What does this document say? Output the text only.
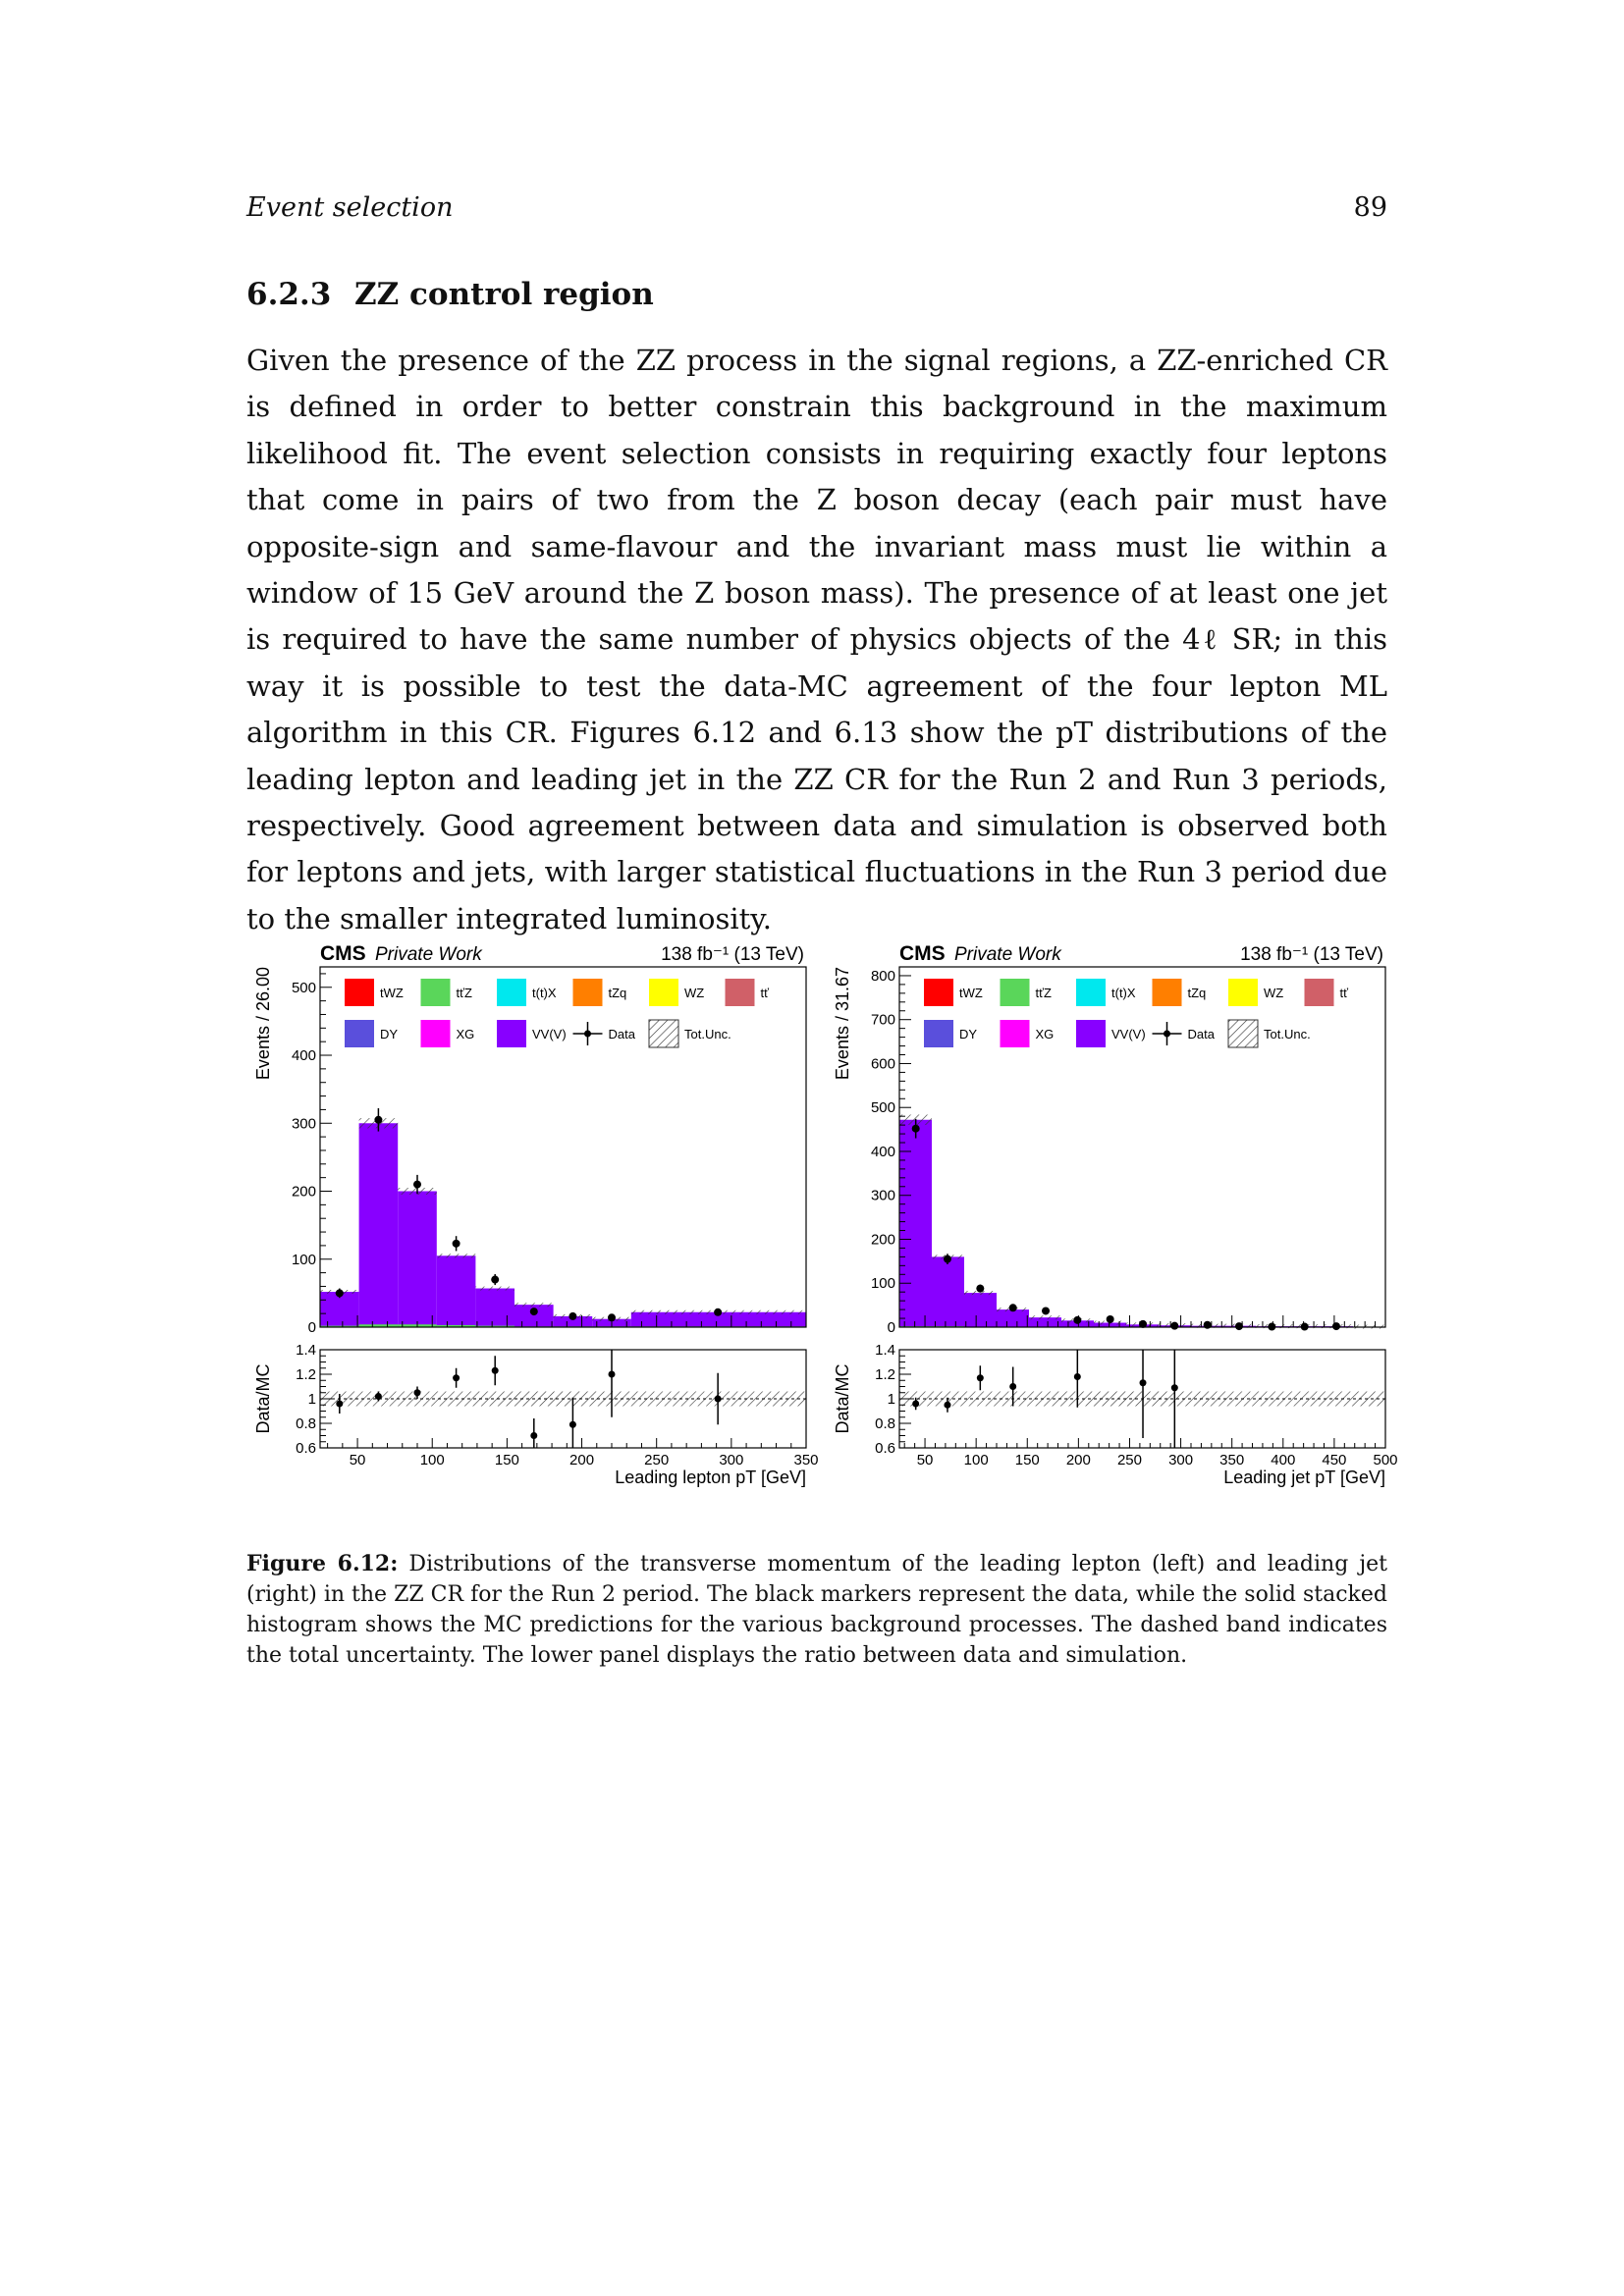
Event selection	89
6.2.3 ZZ control region
Given the presence of the ZZ process in the signal regions, a ZZ-enriched CR is defined in order to better constrain this background in the maximum likelihood fit. The event selection consists in requiring exactly four leptons that come in pairs of two from the Z boson decay (each pair must have opposite-sign and same-flavour and the invariant mass must lie within a window of 15 GeV around the Z boson mass). The presence of at least one jet is required to have the same number of physics objects of the 4ℓ SR; in this way it is possible to test the data-MC agreement of the four lepton ML algorithm in this CR. Figures 6.12 and 6.13 show the pT distributions of the leading lepton and leading jet in the ZZ CR for the Run 2 and Run 3 periods, respectively. Good agreement between data and simulation is observed both for leptons and jets, with larger statistical fluctuations in the Run 3 period due to the smaller integrated luminosity.
CMS Private Work	138 fb⁻¹ (13 TeV)
0
100
200
300
400
500
Events / 26.00
50	100	150	200	250	300	350
Leading lepton pT [GeV]
0.6
0.8
1
1.2
1.4
Data/MC
tWZ	tťZ	t(t)X	tZq	WZ	tť
DY	XG	VV(V)	Data	Tot.Unc.
CMS Private Work	138 fb⁻¹ (13 TeV)
0
100
200
300
400
500
600
700
800
Events / 31.67
50 100 150 200 250 300 350 400 450 500
Leading jet pT [GeV]
0.6
0.8
1
1.2
1.4
Data/MC
tWZ	tťZ	t(t)X	tZq	WZ	tť
DY	XG	VV(V)	Data	Tot.Unc.
Figure 6.12: Distributions of the transverse momentum of the leading lepton (left) and leading jet (right) in the ZZ CR for the Run 2 period. The black markers represent the data, while the solid stacked histogram shows the MC predictions for the various background processes. The dashed band indicates the total uncertainty. The lower panel displays the ratio between data and simulation.
